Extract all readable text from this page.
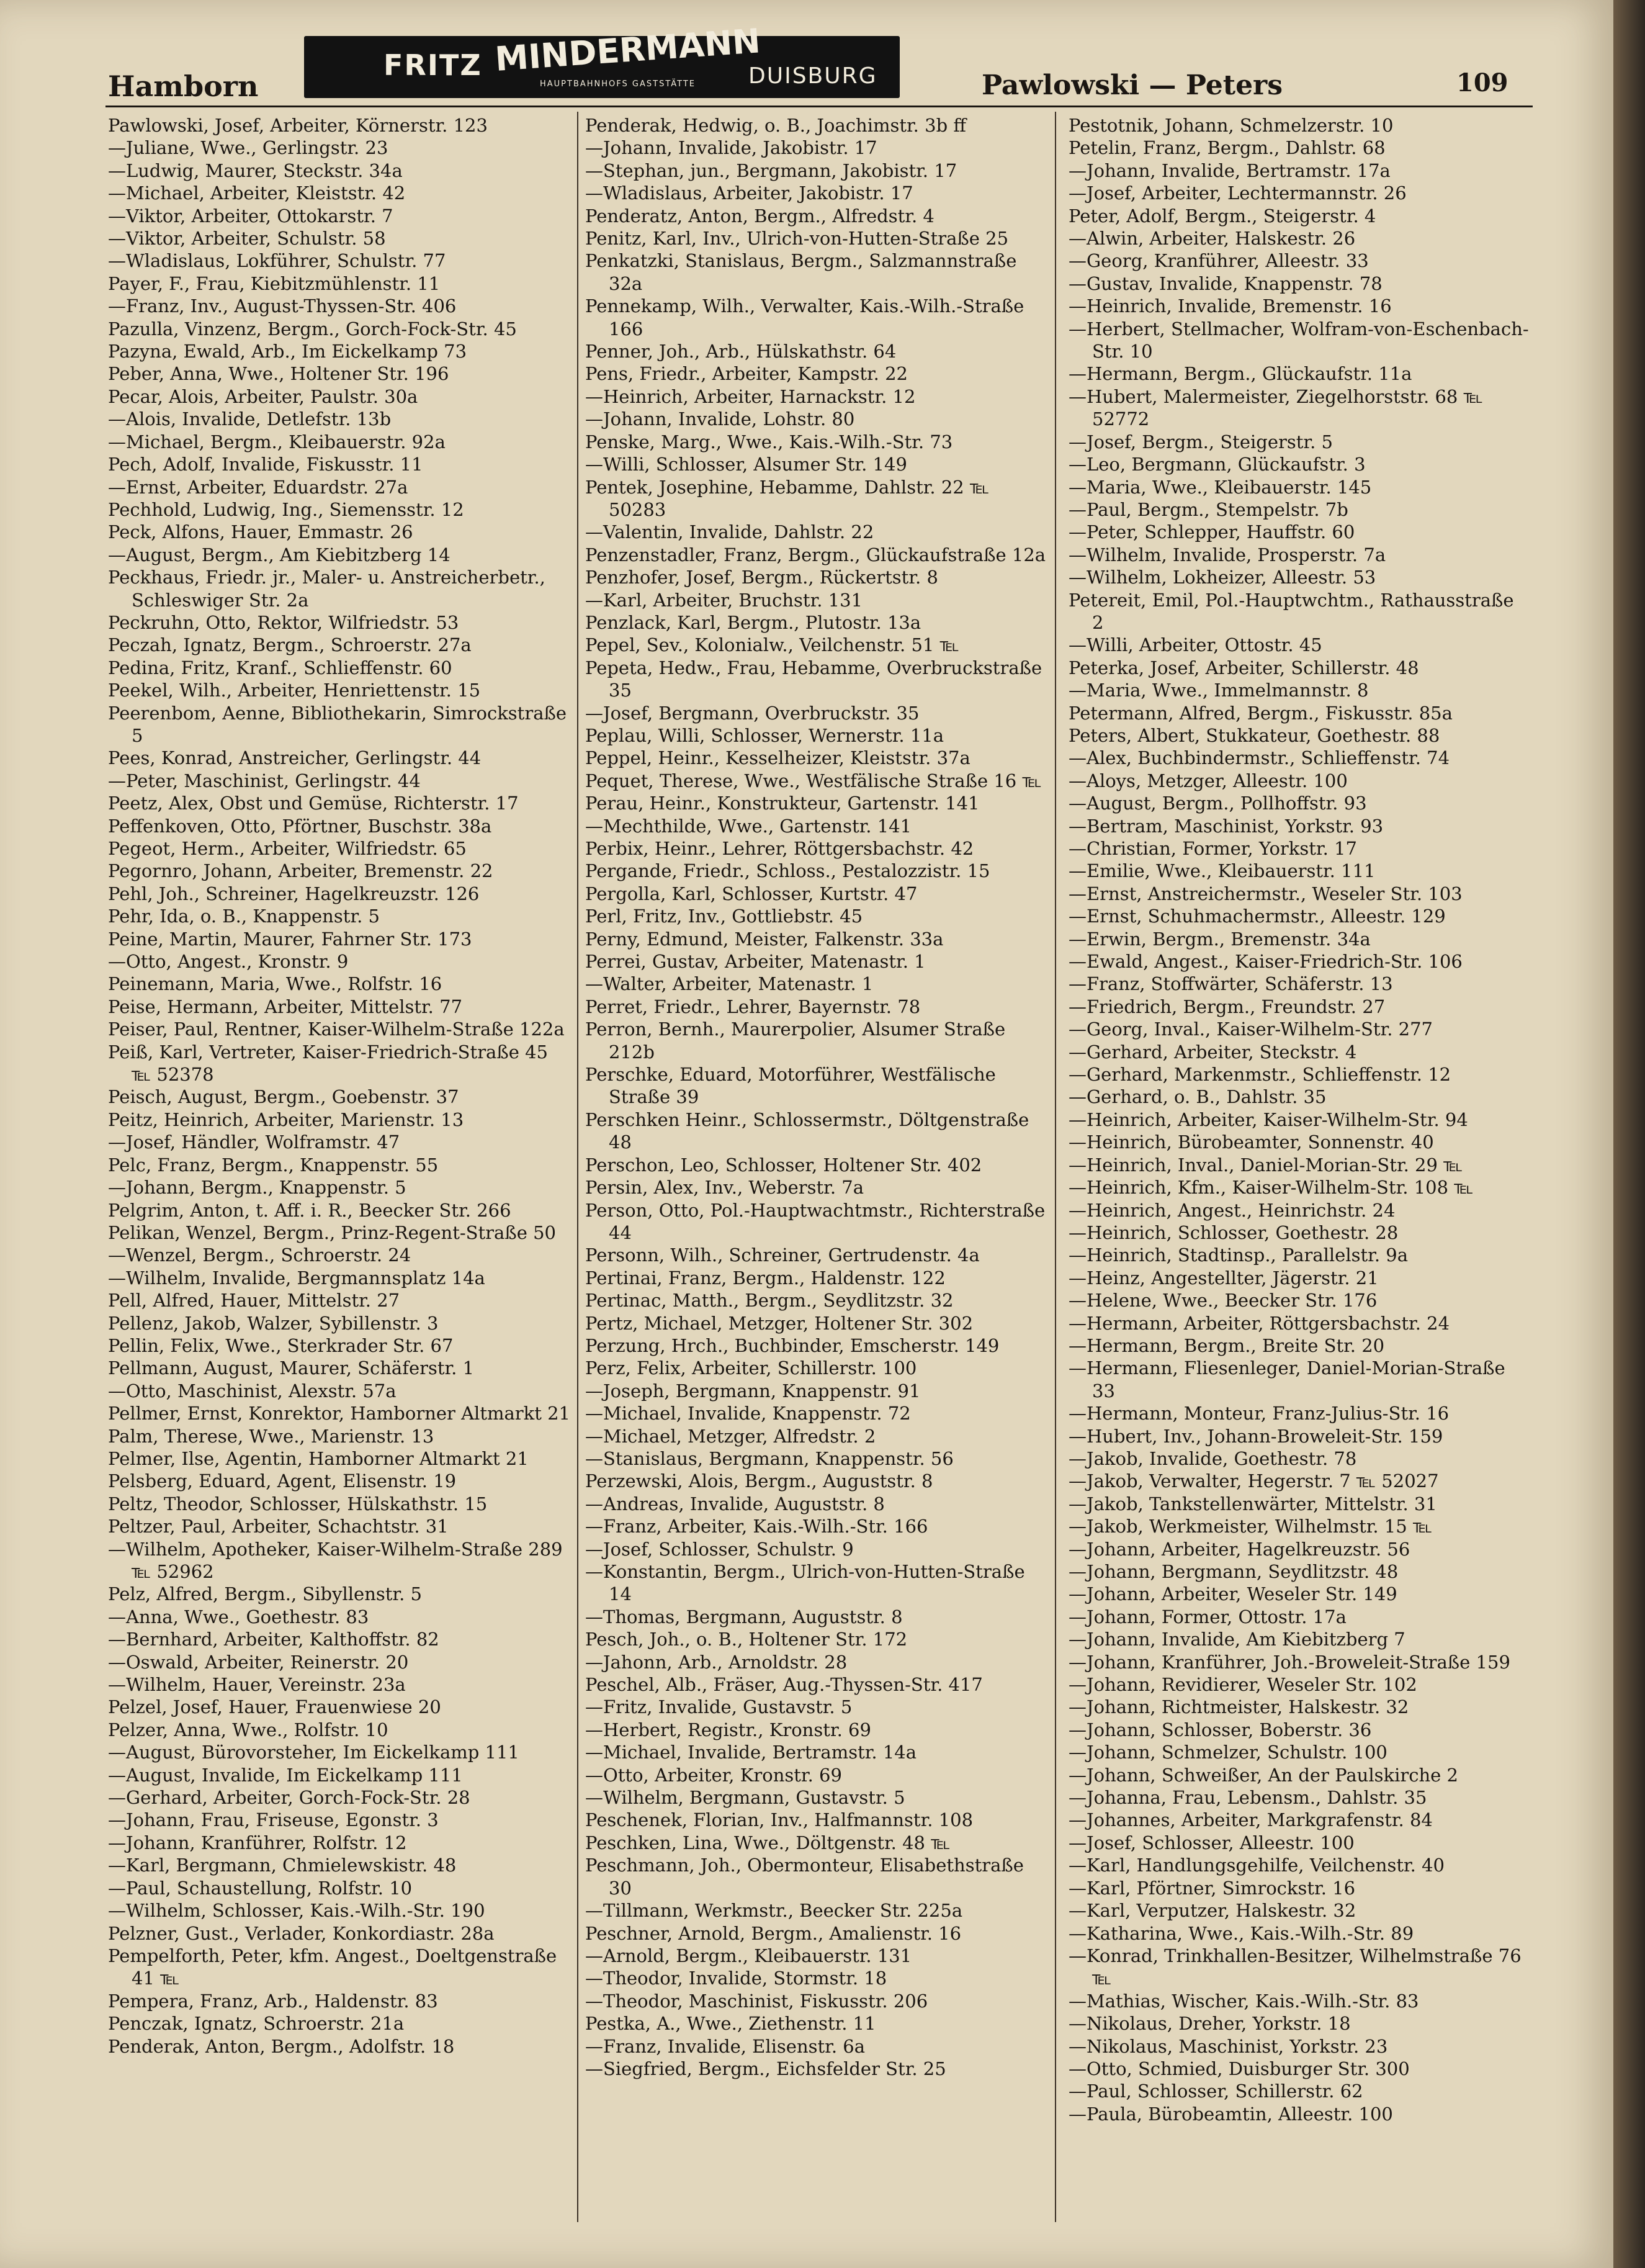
Hamborn
FRITZ MINDERMANN
HAUPTBAHNHOFS GASTSTÄTTE DUISBURG	Pawlowski — Peters	109

Pawlowski, Josef, Arbeiter, Körnerstr. 123

—Juliane, Wwe., Gerlingstr. 23

—Ludwig, Maurer, Steckstr. 34a

—Michael, Arbeiter, Kleiststr. 42

—Viktor, Arbeiter, Ottokarstr. 7

—Viktor, Arbeiter, Schulstr. 58

—Wladislaus, Lokführer, Schulstr. 77

Payer, F., Frau, Kiebitzmühlenstr. 11

—Franz, Inv., August-Thyssen-Str. 406

Pazulla, Vinzenz, Bergm., Gorch-Fock-Str. 45

Pazyna, Ewald, Arb., Im Eickelkamp 73

Peber, Anna, Wwe., Holtener Str. 196

Pecar, Alois, Arbeiter, Paulstr. 30a

—Alois, Invalide, Detlefstr. 13b

—Michael, Bergm., Kleibauerstr. 92a

Pech, Adolf, Invalide, Fiskusstr. 11

—Ernst, Arbeiter, Eduardstr. 27a

Pechhold, Ludwig, Ing., Siemensstr. 12

Peck, Alfons, Hauer, Emmastr. 26

—August, Bergm., Am Kiebitzberg 14

Peckhaus, Friedr. jr., Maler- u. Anstreicherbetr., Schleswiger Str. 2a

Peckruhn, Otto, Rektor, Wilfriedstr. 53

Peczah, Ignatz, Bergm., Schroerstr. 27a

Pedina, Fritz, Kranf., Schlieffenstr. 60

Peekel, Wilh., Arbeiter, Henriettenstr. 15

Peerenbom, Aenne, Bibliothekarin, Simrockstraße 5

Pees, Konrad, Anstreicher, Gerlingstr. 44

—Peter, Maschinist, Gerlingstr. 44

Peetz, Alex, Obst und Gemüse, Richterstr. 17

Peffenkoven, Otto, Pförtner, Buschstr. 38a

Pegeot, Herm., Arbeiter, Wilfriedstr. 65

Pegornro, Johann, Arbeiter, Bremenstr. 22

Pehl, Joh., Schreiner, Hagelkreuzstr. 126

Pehr, Ida, o. B., Knappenstr. 5

Peine, Martin, Maurer, Fahrner Str. 173

—Otto, Angest., Kronstr. 9

Peinemann, Maria, Wwe., Rolfstr. 16

Peise, Hermann, Arbeiter, Mittelstr. 77

Peiser, Paul, Rentner, Kaiser-Wilhelm-Straße 122a

Peiß, Karl, Vertreter, Kaiser-Friedrich-Straße 45 ℡ 52378

Peisch, August, Bergm., Goebenstr. 37

Peitz, Heinrich, Arbeiter, Marienstr. 13

—Josef, Händler, Wolframstr. 47

Pelc, Franz, Bergm., Knappenstr. 55

—Johann, Bergm., Knappenstr. 5

Pelgrim, Anton, t. Aff. i. R., Beecker Str. 266

Pelikan, Wenzel, Bergm., Prinz-Regent-Straße 50

—Wenzel, Bergm., Schroerstr. 24

—Wilhelm, Invalide, Bergmannsplatz 14a

Pell, Alfred, Hauer, Mittelstr. 27

Pellenz, Jakob, Walzer, Sybillenstr. 3

Pellin, Felix, Wwe., Sterkrader Str. 67

Pellmann, August, Maurer, Schäferstr. 1

—Otto, Maschinist, Alexstr. 57a

Pellmer, Ernst, Konrektor, Hamborner Altmarkt 21

Palm, Therese, Wwe., Marienstr. 13

Pelmer, Ilse, Agentin, Hamborner Altmarkt 21

Pelsberg, Eduard, Agent, Elisenstr. 19

Peltz, Theodor, Schlosser, Hülskathstr. 15

Peltzer, Paul, Arbeiter, Schachtstr. 31

—Wilhelm, Apotheker, Kaiser-Wilhelm-Straße 289 ℡ 52962

Pelz, Alfred, Bergm., Sibyllenstr. 5

—Anna, Wwe., Goethestr. 83

—Bernhard, Arbeiter, Kalthoffstr. 82

—Oswald, Arbeiter, Reinerstr. 20

—Wilhelm, Hauer, Vereinstr. 23a

Pelzel, Josef, Hauer, Frauenwiese 20

Pelzer, Anna, Wwe., Rolfstr. 10

—August, Bürovorsteher, Im Eickelkamp 111

—August, Invalide, Im Eickelkamp 111

—Gerhard, Arbeiter, Gorch-Fock-Str. 28

—Johann, Frau, Friseuse, Egonstr. 3

—Johann, Kranführer, Rolfstr. 12

—Karl, Bergmann, Chmielewskistr. 48

—Paul, Schaustellung, Rolfstr. 10

—Wilhelm, Schlosser, Kais.-Wilh.-Str. 190

Pelzner, Gust., Verlader, Konkordiastr. 28a

Pempelforth, Peter, kfm. Angest., Doeltgenstraße 41 ℡

Pempera, Franz, Arb., Haldenstr. 83

Penczak, Ignatz, Schroerstr. 21a

Penderak, Anton, Bergm., Adolfstr. 18

Penderak, Hedwig, o. B., Joachimstr. 3b ff

—Johann, Invalide, Jakobistr. 17

—Stephan, jun., Bergmann, Jakobistr. 17

—Wladislaus, Arbeiter, Jakobistr. 17

Penderatz, Anton, Bergm., Alfredstr. 4

Penitz, Karl, Inv., Ulrich-von-Hutten-Straße 25

Penkatzki, Stanislaus, Bergm., Salzmannstraße 32a

Pennekamp, Wilh., Verwalter, Kais.-Wilh.-Straße 166

Penner, Joh., Arb., Hülskathstr. 64

Pens, Friedr., Arbeiter, Kampstr. 22

—Heinrich, Arbeiter, Harnackstr. 12

—Johann, Invalide, Lohstr. 80

Penske, Marg., Wwe., Kais.-Wilh.-Str. 73

—Willi, Schlosser, Alsumer Str. 149

Pentek, Josephine, Hebamme, Dahlstr. 22 ℡ 50283

—Valentin, Invalide, Dahlstr. 22

Penzenstadler, Franz, Bergm., Glückaufstraße 12a

Penzhofer, Josef, Bergm., Rückertstr. 8

—Karl, Arbeiter, Bruchstr. 131

Penzlack, Karl, Bergm., Plutostr. 13a

Pepel, Sev., Kolonialw., Veilchenstr. 51 ℡

Pepeta, Hedw., Frau, Hebamme, Overbruckstraße 35

—Josef, Bergmann, Overbruckstr. 35

Peplau, Willi, Schlosser, Wernerstr. 11a

Peppel, Heinr., Kesselheizer, Kleiststr. 37a

Pequet, Therese, Wwe., Westfälische Straße 16 ℡

Perau, Heinr., Konstrukteur, Gartenstr. 141

—Mechthilde, Wwe., Gartenstr. 141

Perbix, Heinr., Lehrer, Röttgersbachstr. 42

Pergande, Friedr., Schloss., Pestalozzistr. 15

Pergolla, Karl, Schlosser, Kurtstr. 47

Perl, Fritz, Inv., Gottliebstr. 45

Perny, Edmund, Meister, Falkenstr. 33a

Perrei, Gustav, Arbeiter, Matenastr. 1

—Walter, Arbeiter, Matenastr. 1

Perret, Friedr., Lehrer, Bayernstr. 78

Perron, Bernh., Maurerpolier, Alsumer Straße 212b

Perschke, Eduard, Motorführer, Westfälische Straße 39

Perschken Heinr., Schlossermstr., Döltgenstraße 48

Perschon, Leo, Schlosser, Holtener Str. 402

Persin, Alex, Inv., Weberstr. 7a

Person, Otto, Pol.-Hauptwachtmstr., Richterstraße 44

Personn, Wilh., Schreiner, Gertrudenstr. 4a

Pertinai, Franz, Bergm., Haldenstr. 122

Pertinac, Matth., Bergm., Seydlitzstr. 32

Pertz, Michael, Metzger, Holtener Str. 302

Perzung, Hrch., Buchbinder, Emscherstr. 149

Perz, Felix, Arbeiter, Schillerstr. 100

—Joseph, Bergmann, Knappenstr. 91

—Michael, Invalide, Knappenstr. 72

—Michael, Metzger, Alfredstr. 2

—Stanislaus, Bergmann, Knappenstr. 56

Perzewski, Alois, Bergm., Auguststr. 8

—Andreas, Invalide, Auguststr. 8

—Franz, Arbeiter, Kais.-Wilh.-Str. 166

—Josef, Schlosser, Schulstr. 9

—Konstantin, Bergm., Ulrich-von-Hutten-Straße 14

—Thomas, Bergmann, Auguststr. 8

Pesch, Joh., o. B., Holtener Str. 172

—Jahonn, Arb., Arnoldstr. 28

Peschel, Alb., Fräser, Aug.-Thyssen-Str. 417

—Fritz, Invalide, Gustavstr. 5

—Herbert, Registr., Kronstr. 69

—Michael, Invalide, Bertramstr. 14a

—Otto, Arbeiter, Kronstr. 69

—Wilhelm, Bergmann, Gustavstr. 5

Peschenek, Florian, Inv., Halfmannstr. 108

Peschken, Lina, Wwe., Döltgenstr. 48 ℡

Peschmann, Joh., Obermonteur, Elisabethstraße 30

—Tillmann, Werkmstr., Beecker Str. 225a

Peschner, Arnold, Bergm., Amalienstr. 16

—Arnold, Bergm., Kleibauerstr. 131

—Theodor, Invalide, Stormstr. 18

—Theodor, Maschinist, Fiskusstr. 206

Pestka, A., Wwe., Ziethenstr. 11

—Franz, Invalide, Elisenstr. 6a

—Siegfried, Bergm., Eichsfelder Str. 25

Pestotnik, Johann, Schmelzerstr. 10

Petelin, Franz, Bergm., Dahlstr. 68

—Johann, Invalide, Bertramstr. 17a

—Josef, Arbeiter, Lechtermannstr. 26

Peter, Adolf, Bergm., Steigerstr. 4

—Alwin, Arbeiter, Halskestr. 26

—Georg, Kranführer, Alleestr. 33

—Gustav, Invalide, Knappenstr. 78

—Heinrich, Invalide, Bremenstr. 16

—Herbert, Stellmacher, Wolfram-von-Eschenbach-Str. 10

—Hermann, Bergm., Glückaufstr. 11a

—Hubert, Malermeister, Ziegelhorststr. 68 ℡ 52772

—Josef, Bergm., Steigerstr. 5

—Leo, Bergmann, Glückaufstr. 3

—Maria, Wwe., Kleibauerstr. 145

—Paul, Bergm., Stempelstr. 7b

—Peter, Schlepper, Hauffstr. 60

—Wilhelm, Invalide, Prosperstr. 7a

—Wilhelm, Lokheizer, Alleestr. 53

Petereit, Emil, Pol.-Hauptwchtm., Rathausstraße 2

—Willi, Arbeiter, Ottostr. 45

Peterka, Josef, Arbeiter, Schillerstr. 48

—Maria, Wwe., Immelmannstr. 8

Petermann, Alfred, Bergm., Fiskusstr. 85a

Peters, Albert, Stukkateur, Goethestr. 88

—Alex, Buchbindermstr., Schlieffenstr. 74

—Aloys, Metzger, Alleestr. 100

—August, Bergm., Pollhoffstr. 93

—Bertram, Maschinist, Yorkstr. 93

—Christian, Former, Yorkstr. 17

—Emilie, Wwe., Kleibauerstr. 111

—Ernst, Anstreichermstr., Weseler Str. 103

—Ernst, Schuhmachermstr., Alleestr. 129

—Erwin, Bergm., Bremenstr. 34a

—Ewald, Angest., Kaiser-Friedrich-Str. 106

—Franz, Stoffwärter, Schäferstr. 13

—Friedrich, Bergm., Freundstr. 27

—Georg, Inval., Kaiser-Wilhelm-Str. 277

—Gerhard, Arbeiter, Steckstr. 4

—Gerhard, Markenmstr., Schlieffenstr. 12

—Gerhard, o. B., Dahlstr. 35

—Heinrich, Arbeiter, Kaiser-Wilhelm-Str. 94

—Heinrich, Bürobeamter, Sonnenstr. 40

—Heinrich, Inval., Daniel-Morian-Str. 29 ℡

—Heinrich, Kfm., Kaiser-Wilhelm-Str. 108 ℡

—Heinrich, Angest., Heinrichstr. 24

—Heinrich, Schlosser, Goethestr. 28

—Heinrich, Stadtinsp., Parallelstr. 9a

—Heinz, Angestellter, Jägerstr. 21

—Helene, Wwe., Beecker Str. 176

—Hermann, Arbeiter, Röttgersbachstr. 24

—Hermann, Bergm., Breite Str. 20

—Hermann, Fliesenleger, Daniel-Morian-Straße 33

—Hermann, Monteur, Franz-Julius-Str. 16

—Hubert, Inv., Johann-Broweleit-Str. 159

—Jakob, Invalide, Goethestr. 78

—Jakob, Verwalter, Hegerstr. 7 ℡ 52027

—Jakob, Tankstellenwärter, Mittelstr. 31

—Jakob, Werkmeister, Wilhelmstr. 15 ℡

—Johann, Arbeiter, Hagelkreuzstr. 56

—Johann, Bergmann, Seydlitzstr. 48

—Johann, Arbeiter, Weseler Str. 149

—Johann, Former, Ottostr. 17a

—Johann, Invalide, Am Kiebitzberg 7

—Johann, Kranführer, Joh.-Broweleit-Straße 159

—Johann, Revidierer, Weseler Str. 102

—Johann, Richtmeister, Halskestr. 32

—Johann, Schlosser, Boberstr. 36

—Johann, Schmelzer, Schulstr. 100

—Johann, Schweißer, An der Paulskirche 2

—Johanna, Frau, Lebensm., Dahlstr. 35

—Johannes, Arbeiter, Markgrafenstr. 84

—Josef, Schlosser, Alleestr. 100

—Karl, Handlungsgehilfe, Veilchenstr. 40

—Karl, Pförtner, Simrockstr. 16

—Karl, Verputzer, Halskestr. 32

—Katharina, Wwe., Kais.-Wilh.-Str. 89

—Konrad, Trinkhallen-Besitzer, Wilhelmstraße 76 ℡

—Mathias, Wischer, Kais.-Wilh.-Str. 83

—Nikolaus, Dreher, Yorkstr. 18

—Nikolaus, Maschinist, Yorkstr. 23

—Otto, Schmied, Duisburger Str. 300

—Paul, Schlosser, Schillerstr. 62

—Paula, Bürobeamtin, Alleestr. 100
